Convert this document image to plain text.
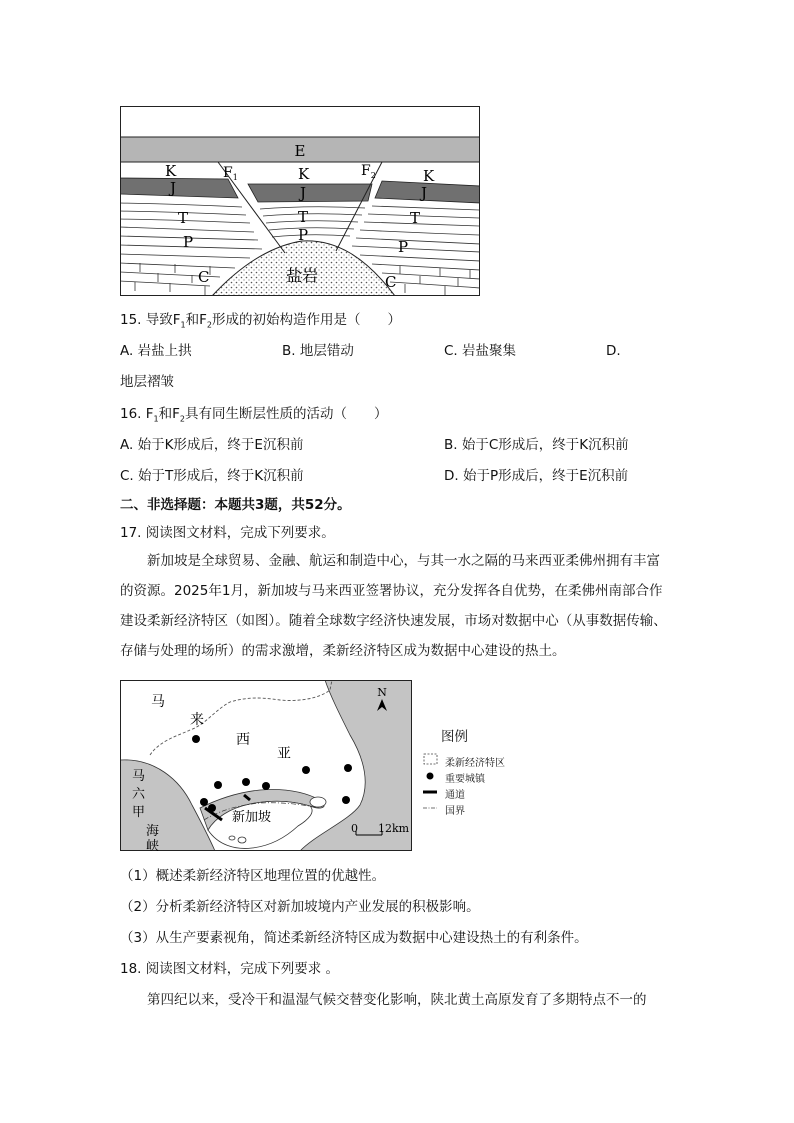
E
K	K	K
J	J	J
T	T	T
P	P
P
C	C
$F_1$	$F_2$
盐岩
15. 导致$F_1$和$F_2$形成的初始构造作用是（　　）
A. 岩盐上拱	B. 地层错动	C. 岩盐聚集	D.
地层褶皱
16. $F_1$和$F_2$具有同生断层性质的活动（　　）
A. 始于K形成后，终于E沉积前	B. 始于C形成后，终于K沉积前
C. 始于T形成后，终于K沉积前	D. 始于P形成后，终于E沉积前
二、非选择题：本题共3题，共52分。
17. 阅读图文材料，完成下列要求。
新加坡是全球贸易、金融、航运和制造中心，与其一水之隔的马来西亚柔佛州拥有丰富的资源。2025年1月，新加坡与马来西亚签署协议，充分发挥各自优势，在柔佛州南部合作建设柔新经济特区（如图）。随着全球数字经济快速发展，市场对数据中心（从事数据传输、存储与处理的场所）的需求激增，柔新经济特区成为数据中心建设的热土。
N
马
来
西
亚
马
六
甲
海
峡
新加坡
0 12km
图例
柔新经济特区
重要城镇
通道
国界
（1）概述柔新经济特区地理位置的优越性。
（2）分析柔新经济特区对新加坡境内产业发展的积极影响。
（3）从生产要素视角，简述柔新经济特区成为数据中心建设热土的有利条件。
18. 阅读图文材料，完成下列要求 。
第四纪以来，受冷干和温湿气候交替变化影响，陕北黄土高原发育了多期特点不一的
